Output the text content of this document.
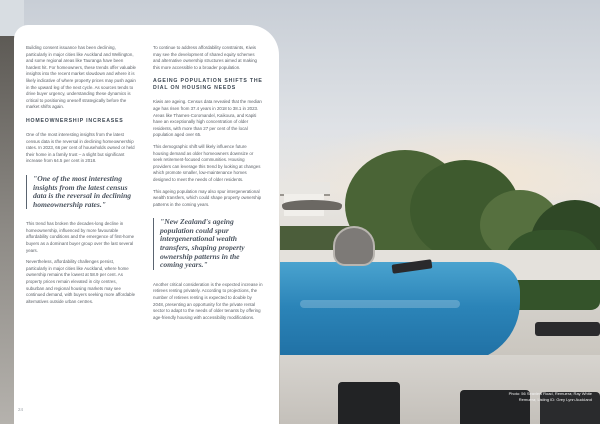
Photo: 56 Seaview Road, Remuera; Ray White Remuera; Listing ID: Grey Lynn Auckland

Building consent issuance has been declining, particularly in major cities like Auckland and Wellington, and some regional areas like Tauranga have been hardest hit. For homeowners, these trends offer valuable insights into the recent market slowdown and where it is likely indicative of where property prices may push again in the upward leg of the next cycle. As sources tends to drive buyer urgency, understanding these dynamics is critical to positioning oneself strategically before the market shifts again.

HOMEOWNERSHIP INCREASES

One of the most interesting insights from the latest census data is the reversal in declining homeownership rates. In 2023, 66 per cent of households owned or held their home in a family trust – a slight but significant increase from 64.5 per cent in 2018.

"One of the most interesting insights from the latest census data is the reversal in declining homeownership rates."

This trend has broken the decades-long decline in homeownership, influenced by more favourable affordability conditions and the emergence of first-home buyers as a dominant buyer group over the last several years.

Nevertheless, affordability challenges persist, particularly in major cities like Auckland, where home ownership remains the lowest at 58.9 per cent. As property prices remain elevated in city centres, suburban and regional housing markets may see continued demand, with buyers seeking more affordable alternatives outside urban centres.

To continue to address affordability constraints, Kiwis may see the development of shared equity schemes and alternative ownership structures aimed at making this more accessible to a broader population.

AGEING POPULATION SHIFTS THE DIAL ON HOUSING NEEDS

Kiwis are ageing. Census data revealed that the median age has risen from 37.4 years in 2018 to 38.1 in 2023. Areas like Thames-Coromandel, Kaikoura, and Kapiti have an exceptionally high concentration of older residents, with more than 27 per cent of the local population aged over 65.

This demographic shift will likely influence future housing demand as older homeowners downsize or seek retirement-focused communities. Housing providers can leverage this trend by looking at changes which promote smaller, low-maintenance homes designed to meet the needs of older residents.

This ageing population may also spur intergenerational wealth transfers, which could shape property ownership patterns in the coming years.

"New Zealand's ageing population could spur intergenerational wealth transfers, shaping property ownership patterns in the coming years."

Another critical consideration is the expected increase in retirees renting privately. According to projections, the number of retirees renting is expected to double by 2048, presenting an opportunity for the private rental sector to adapt to the needs of older tenants by offering age-friendly housing with accessibility modifications.

24
